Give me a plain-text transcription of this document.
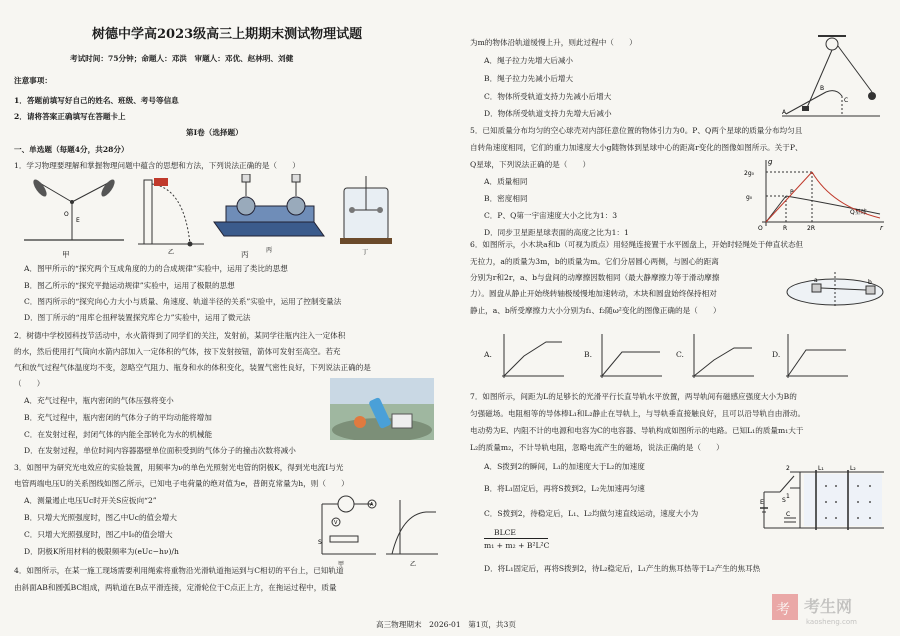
树德中学高2023级高三上期期末测试物理试题
考试时间：75分钟；命题人：邓洪　审题人：邓优、赵林明、刘健
注意事项：
1．答题前填写好自己的姓名、班级、考号等信息
2．请将答案正确填写在答题卡上
第Ⅰ卷（选择题）
一、单选题（每题4分，共28分）
1．学习物理要理解和掌握物理问题中蕴含的思想和方法，下列说法正确的是（　　）
O
E
乙	丙	丁
甲	丙
A．图甲所示的“探究两个互成角度的力的合成规律”实验中，运用了类比的思想
B．图乙所示的“探究平抛运动规律”实验中，运用了极限的思想
C．图丙所示的“探究向心力大小与质量、角速度、轨道半径的关系”实验中，运用了控制变量法
D．图丁所示的“用库仑扭秤装置探究库仑力”实验中，运用了微元法
2．树德中学校园科技节活动中，水火箭得到了同学们的关注，发射前，某同学往瓶内注入一定体积
的水，然后使用打气筒向水箭内部加入一定体积的气体，按下发射按钮，箭体可发射至高空。若充
气和放气过程气体温度均不变，忽略空气阻力、瓶身和水的体积变化，装置气密性良好，下列说法正确的是
（　　）
A．充气过程中，瓶内密闭的气体压强将变小
B．充气过程中，瓶内密闭的气体分子的平均动能将增加
C．在发射过程，封闭气体的内能全部转化为水的机械能
D．在发射过程，单位时间内容器器壁单位面积受到的气体分子的撞击次数将减小
3．如图甲为研究光电效应的实验装置，用频率为ν的单色光照射光电管的阴极K，得到光电流I与光
电管两端电压U的关系图线如图乙所示，已知电子电荷量的绝对值为e，普朗克常量为h，则（　　）
A．测量遏止电压Uc时开关S应扳向“2”
B．只增大光照强度时，图乙中Uc的值会增大
C．只增大光照强度时，图乙中I₀的值会增大
D．阴极K所用材料的极限频率为(eUc−hν)/h
A
V
S
甲	乙
4．如图所示，在某一施工现场需要利用绳索将重物沿光滑轨道拖运到与C相切的平台上，已知轨道
由斜面AB和圆弧BC组成，两轨道在B点平滑连接，定滑轮位于C点正上方，在拖运过程中，质量
为m的物体沿轨道缓慢上升，则此过程中（　　）
A．绳子拉力先增大后减小
B．绳子拉力先减小后增大
C．物体所受轨道支持力先减小后增大
D．物体所受轨道支持力先增大后减小	A
B
C
5．已知质量分布均匀的空心球壳对内部任意位置的物体引力为0。P、Q两个星球的质量分布均匀且
自转角速度相同，它们的重力加速度大小g随物体到星球中心的距离r变化的图像如图所示。关于P、
Q星球，下列说法正确的是（　　）
A．质量相同
B．密度相同
C．P、Q第一宇宙速度大小之比为1：3
D．同步卫星距星球表面的高度之比为1：1
g
r
2g₀
g₀
O	R	2R
P
Q星球
6．如图所示，小木块a和b（可视为质点）用轻绳连接置于水平圆盘上，开始时轻绳处于伸直状态但
无拉力，a的质量为3m，b的质量为m。它们分居圆心两侧，与圆心的距离
分别为r和2r，a、b与盘间的动摩擦因数相同（最大静摩擦力等于滑动摩擦
力）。圆盘从静止开始绕转轴极缓慢地加速转动，木块和圆盘始终保持相对
静止，a、b所受摩擦力大小分别为f₁、f₂随ω²变化的图像正确的是（　　）
a	b
A.	B.	C.	D.
7．如图所示，间距为L的足够长的光滑平行长直导轨水平放置，两导轨间有磁感应强度大小为B的
匀强磁场。电阻相等的导体棒L₁和L₂静止在导轨上，与导轨垂直接触良好，且可以沿导轨自由滑动。
电动势为E、内阻不计的电源和电容为C的电容器、导轨构成如图所示的电路。已知L₁的质量m₁大于
L₂的质量m₂，不计导轨电阻，忽略电流产生的磁场，说法正确的是（　　）
A．S拨到2的瞬间，L₁的加速度大于L₂的加速度
B．将L₁固定后，再将S拨到2，L₂先加速再匀速
C．S拨到2，待稳定后，L₁、L₂均做匀速直线运动，速度大小为
BLCE
m₁ + m₂ + B²L²C
D．将L₁固定后，再将S拨到2，待L₂稳定后，L₁产生的焦耳热等于L₂产生的焦耳热
S
2
1
E
C
L₁	L₂
高三物理期末　2026-01　第1页，共3页
考 考生网
kaosheng.com
